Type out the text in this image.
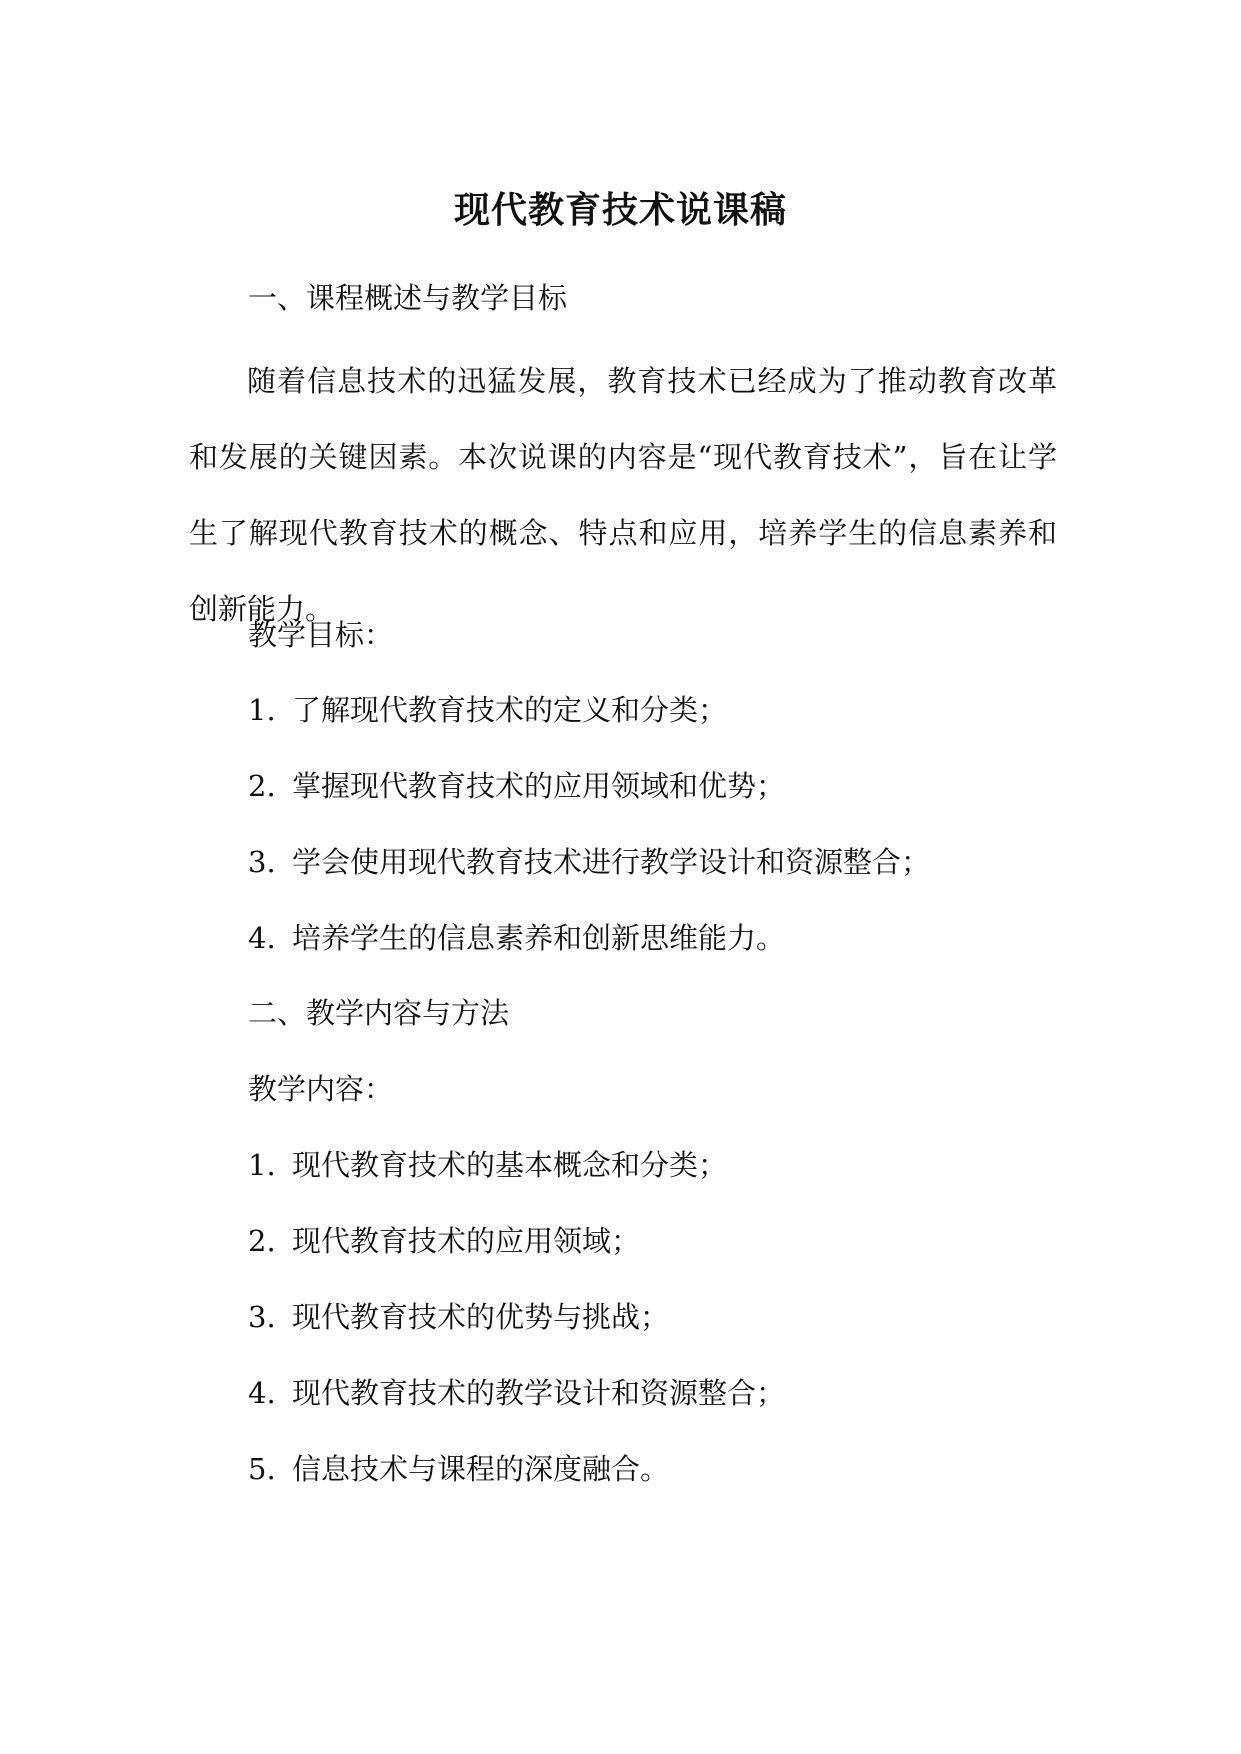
现代教育技术说课稿
一、课程概述与教学目标
随着信息技术的迅猛发展，教育技术已经成为了推动教育改革和发展的关键因素。本次说课的内容是“现代教育技术”，旨在让学生了解现代教育技术的概念、特点和应用，培养学生的信息素养和创新能力。
教学目标：
1. 了解现代教育技术的定义和分类；
2. 掌握现代教育技术的应用领域和优势；
3. 学会使用现代教育技术进行教学设计和资源整合；
4. 培养学生的信息素养和创新思维能力。
二、教学内容与方法
教学内容：
1. 现代教育技术的基本概念和分类；
2. 现代教育技术的应用领域；
3. 现代教育技术的优势与挑战；
4. 现代教育技术的教学设计和资源整合；
5. 信息技术与课程的深度融合。
